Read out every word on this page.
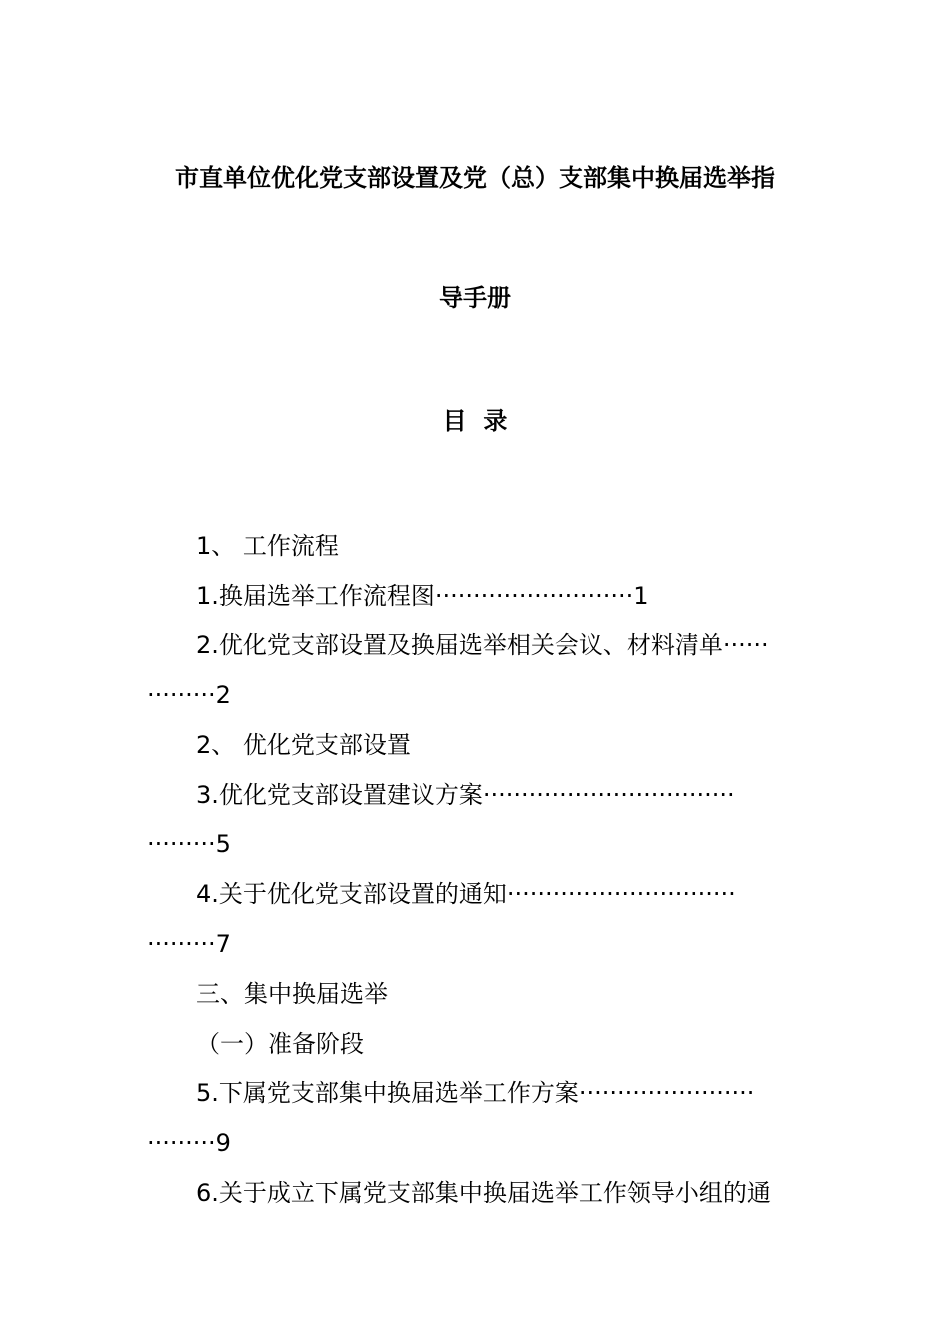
市直单位优化党支部设置及党（总）支部集中换届选举指
导手册
目  录
1、 工作流程
1.换届选举工作流程图··························1
2.优化党支部设置及换届选举相关会议、材料清单······
·········2
2、 优化党支部设置
3.优化党支部设置建议方案·································
·········5
4.关于优化党支部设置的通知······························
·········7
三、集中换届选举
（一）准备阶段
5.下属党支部集中换届选举工作方案·······················
·········9
6.关于成立下属党支部集中换届选举工作领导小组的通
